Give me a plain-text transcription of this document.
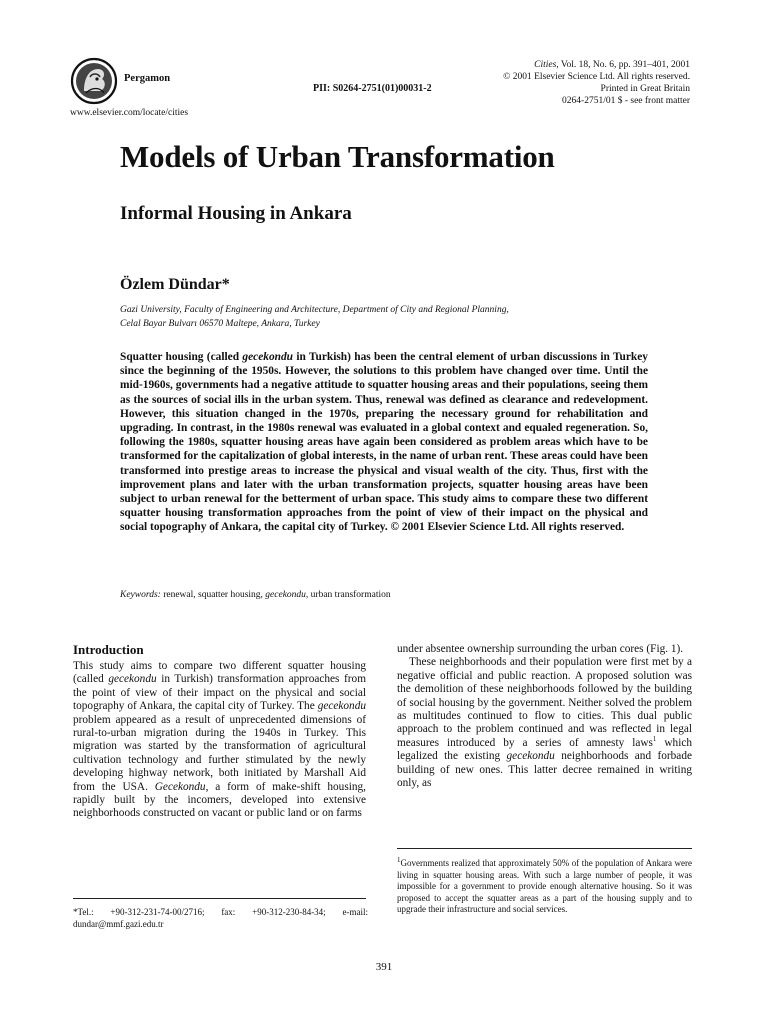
Pergamon
www.elsevier.com/locate/cities
PII: S0264-2751(01)00031-2
Cities, Vol. 18, No. 6, pp. 391–401, 2001
© 2001 Elsevier Science Ltd. All rights reserved.
Printed in Great Britain
0264-2751/01 $ - see front matter
Models of Urban Transformation
Informal Housing in Ankara
Özlem Dündar*
Gazi University, Faculty of Engineering and Architecture, Department of City and Regional Planning,
Celal Bayar Bulvarı 06570 Maltepe, Ankara, Turkey
Squatter housing (called gecekondu in Turkish) has been the central element of urban discussions in Turkey since the beginning of the 1950s. However, the solutions to this problem have changed over time. Until the mid-1960s, governments had a negative attitude to squatter housing areas and their populations, seeing them as the sources of social ills in the urban system. Thus, renewal was defined as clearance and redevelopment. However, this situation changed in the 1970s, preparing the necessary ground for rehabilitation and upgrading. In contrast, in the 1980s renewal was evaluated in a global context and equaled regeneration. So, following the 1980s, squatter housing areas have again been considered as problem areas which have to be transformed for the capitalization of global interests, in the name of urban rent. These areas could have been transformed into prestige areas to increase the physical and visual wealth of the city. Thus, first with the improvement plans and later with the urban transformation projects, squatter housing areas have been subject to urban renewal for the betterment of urban space. This study aims to compare these two different squatter housing transformation approaches from the point of view of their impact on the physical and social topography of Ankara, the capital city of Turkey. © 2001 Elsevier Science Ltd. All rights reserved.
Keywords: renewal, squatter housing, gecekondu, urban transformation
Introduction
This study aims to compare two different squatter housing (called gecekondu in Turkish) transformation approaches from the point of view of their impact on the physical and social topography of Ankara, the capital city of Turkey. The gecekondu problem appeared as a result of unprecedented dimensions of rural-to-urban migration during the 1940s in Turkey. This migration was started by the transformation of agricultural cultivation technology and further stimulated by the newly developing highway network, both initiated by Marshall Aid from the USA. Gecekondu, a form of make-shift housing, rapidly built by the incomers, developed into extensive neighborhoods constructed on vacant or public land or on farms
under absentee ownership surrounding the urban cores (Fig. 1).
These neighborhoods and their population were first met by a negative official and public reaction. A proposed solution was the demolition of these neighborhoods followed by the building of social housing by the government. Neither solved the problem as multitudes continued to flow to cities. This dual public approach to the problem continued and was reflected in legal measures introduced by a series of amnesty laws$^1$ which legalized the existing gecekondu neighborhoods and forbade building of new ones. This latter decree remained in writing only, as
*Tel.: +90-312-231-74-00/2716; fax: +90-312-230-84-34; e-mail: dundar@mmf.gazi.edu.tr
$^1$Governments realized that approximately 50% of the population of Ankara were living in squatter housing areas. With such a large number of people, it was impossible for a government to provide enough alternative housing. So it was proposed to accept the squatter areas as a part of the housing supply and to upgrade their infrastructure and social services.
391
